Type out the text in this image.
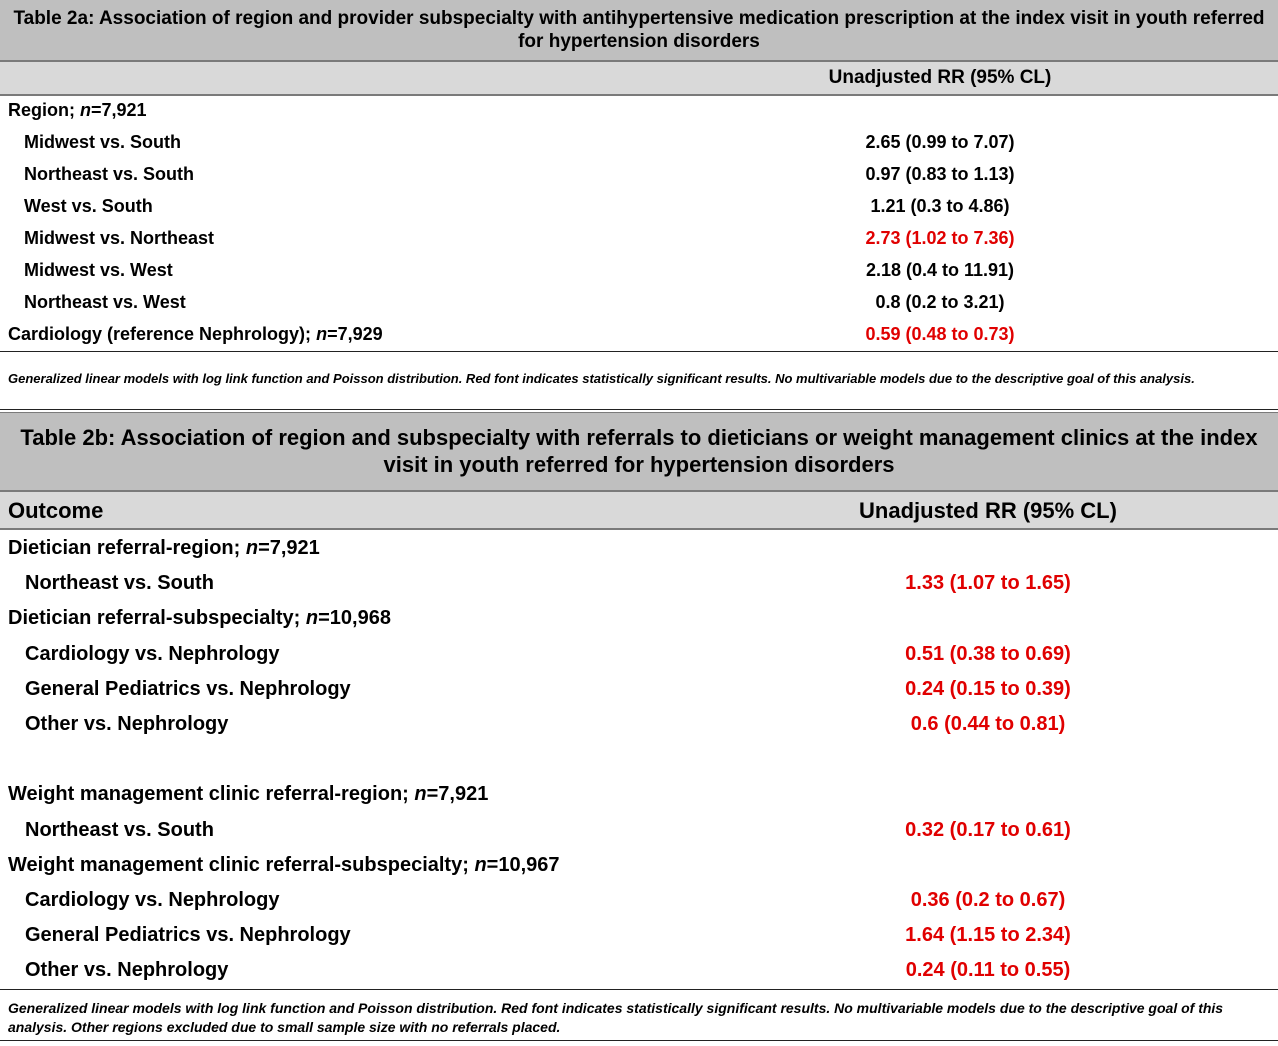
Table 2a: Association of region and provider subspecialty with antihypertensive medication prescription at the index visit in youth referred for hypertension disorders
Unadjusted RR (95% CL)
Region; n=7,921
Midwest vs. South	2.65 (0.99 to 7.07)
Northeast vs. South	0.97 (0.83 to 1.13)
West vs. South	1.21 (0.3 to 4.86)
Midwest vs. Northeast	2.73 (1.02 to 7.36)
Midwest vs. West	2.18 (0.4 to 11.91)
Northeast vs. West	0.8 (0.2 to 3.21)
Cardiology (reference Nephrology); n=7,929	0.59 (0.48 to 0.73)
Generalized linear models with log link function and Poisson distribution. Red font indicates statistically significant results. No multivariable models due to the descriptive goal of this analysis.
Table 2b: Association of region and subspecialty with referrals to dieticians or weight management clinics at the index visit in youth referred for hypertension disorders
Outcome	Unadjusted RR (95% CL)
Dietician referral-region; n=7,921
Northeast vs. South	1.33 (1.07 to 1.65)
Dietician referral-subspecialty; n=10,968
Cardiology vs. Nephrology	0.51 (0.38 to 0.69)
General Pediatrics vs. Nephrology	0.24 (0.15 to 0.39)
Other vs. Nephrology	0.6 (0.44 to 0.81)
Weight management clinic referral-region; n=7,921
Northeast vs. South	0.32 (0.17 to 0.61)
Weight management clinic referral-subspecialty; n=10,967
Cardiology vs. Nephrology	0.36 (0.2 to 0.67)
General Pediatrics vs. Nephrology	1.64 (1.15 to 2.34)
Other vs. Nephrology	0.24 (0.11 to 0.55)
Generalized linear models with log link function and Poisson distribution. Red font indicates statistically significant results. No multivariable models due to the descriptive goal of this analysis. Other regions excluded due to small sample size with no referrals placed.
